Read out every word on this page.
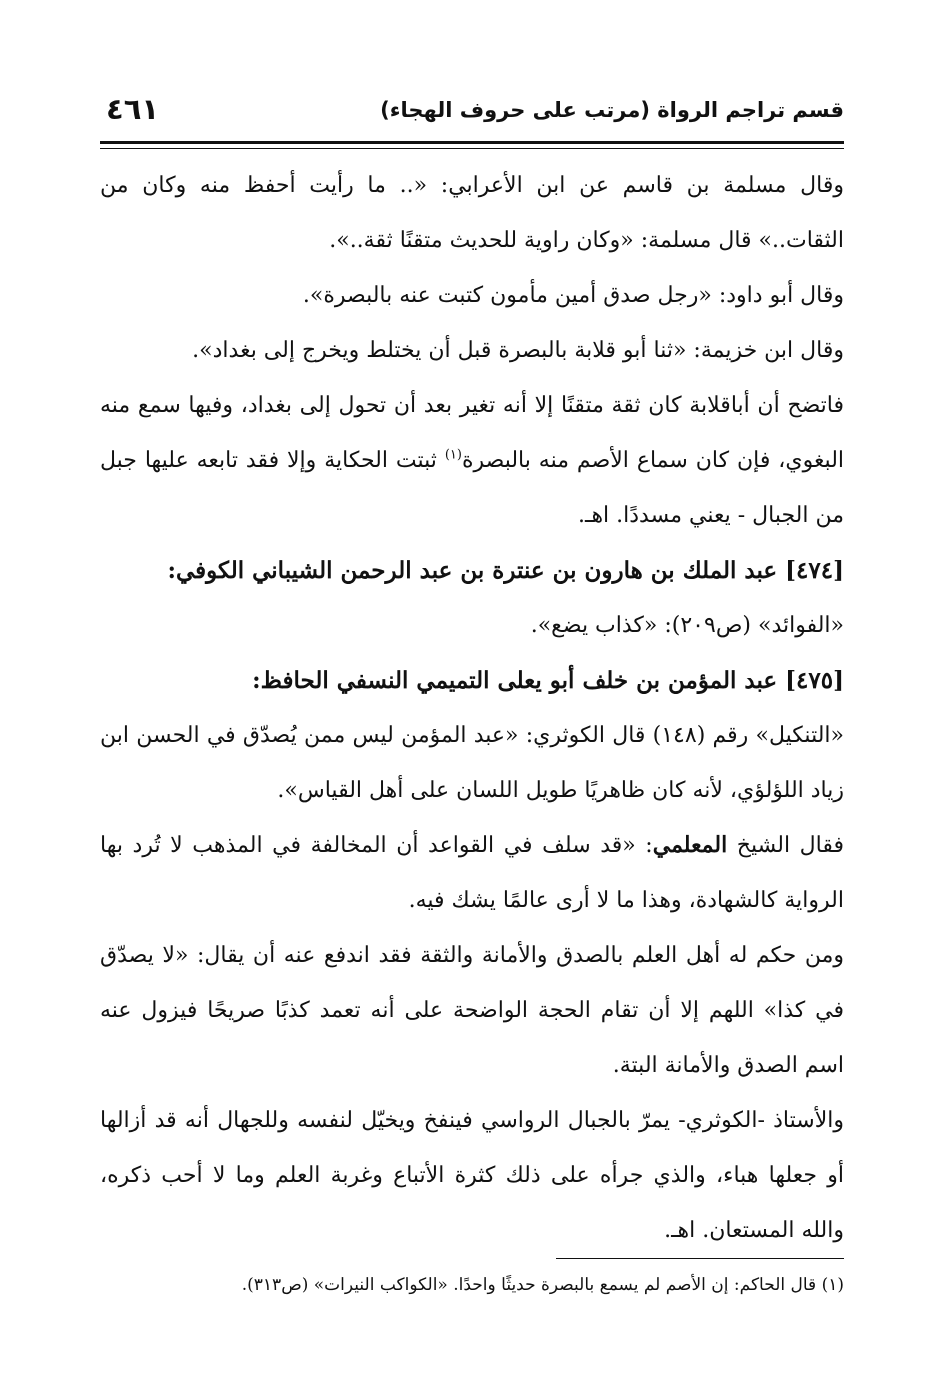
قسم تراجم الرواة (مرتب على حروف الهجاء)
٤٦١

وقال مسلمة بن قاسم عن ابن الأعرابي: «.. ما رأيت أحفظ منه وكان من الثقات..» قال مسلمة: «وكان راوية للحديث متقنًا ثقة..».

وقال أبو داود: «رجل صدق أمين مأمون كتبت عنه بالبصرة».

وقال ابن خزيمة: «ثنا أبو قلابة بالبصرة قبل أن يختلط ويخرج إلى بغداد».

فاتضح أن أباقلابة كان ثقة متقنًا إلا أنه تغير بعد أن تحول إلى بغداد، وفيها سمع منه البغوي، فإن كان سماع الأصم منه بالبصرة$^{(١)}$ ثبتت الحكاية وإلا فقد تابعه عليها جبل من الجبال - يعني مسددًا. اهـ.

[٤٧٤] عبد الملك بن هارون بن عنترة بن عبد الرحمن الشيباني الكوفي:

«الفوائد» (ص٢٠٩): «كذاب يضع».

[٤٧٥] عبد المؤمن بن خلف أبو يعلى التميمي النسفي الحافظ:

«التنكيل» رقم (١٤٨) قال الكوثري: «عبد المؤمن ليس ممن يُصدّق في الحسن ابن زياد اللؤلؤي، لأنه كان ظاهريًا طويل اللسان على أهل القياس».

فقال الشيخ المعلمي: «قد سلف في القواعد أن المخالفة في المذهب لا تُرد بها الرواية كالشهادة، وهذا ما لا أرى عالمًا يشك فيه.

ومن حكم له أهل العلم بالصدق والأمانة والثقة فقد اندفع عنه أن يقال: «لا يصدّق في كذا» اللهم إلا أن تقام الحجة الواضحة على أنه تعمد كذبًا صريحًا فيزول عنه اسم الصدق والأمانة البتة.

والأستاذ -الكوثري- يمرّ بالجبال الرواسي فينفخ ويخيّل لنفسه وللجهال أنه قد أزالها أو جعلها هباء، والذي جرأه على ذلك كثرة الأتباع وغربة العلم وما لا أحب ذكره، والله المستعان. اهـ.

(١) قال الحاكم: إن الأصم لم يسمع بالبصرة حديثًا واحدًا. «الكواكب النيرات» (ص٣١٣).
